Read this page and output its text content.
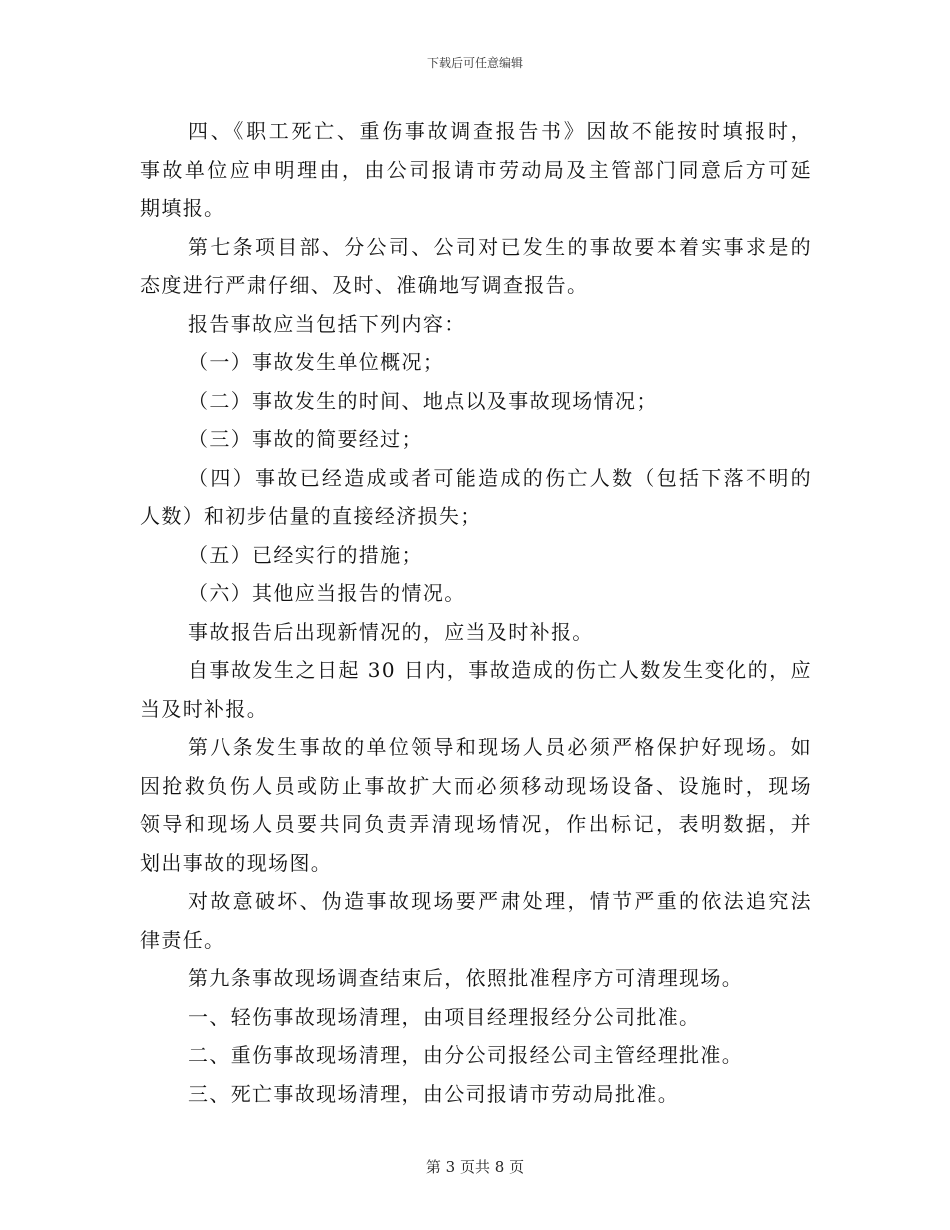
下载后可任意编辑
四、《职工死亡、重伤事故调查报告书》因故不能按时填报时，
事故单位应申明理由，由公司报请市劳动局及主管部门同意后方可延
期填报。
第七条项目部、分公司、公司对已发生的事故要本着实事求是的
态度进行严肃仔细、及时、准确地写调查报告。
报告事故应当包括下列内容：
（一）事故发生单位概况；
（二）事故发生的时间、地点以及事故现场情况；
（三）事故的简要经过；
（四）事故已经造成或者可能造成的伤亡人数（包括下落不明的
人数）和初步估量的直接经济损失；
（五）已经实行的措施；
（六）其他应当报告的情况。
事故报告后出现新情况的，应当及时补报。
自事故发生之日起 30 日内，事故造成的伤亡人数发生变化的，应
当及时补报。
第八条发生事故的单位领导和现场人员必须严格保护好现场。如
因抢救负伤人员或防止事故扩大而必须移动现场设备、设施时，现场
领导和现场人员要共同负责弄清现场情况，作出标记，表明数据，并
划出事故的现场图。
对故意破坏、伪造事故现场要严肃处理，情节严重的依法追究法
律责任。
第九条事故现场调查结束后，依照批准程序方可清理现场。
一、轻伤事故现场清理，由项目经理报经分公司批准。
二、重伤事故现场清理，由分公司报经公司主管经理批准。
三、死亡事故现场清理，由公司报请市劳动局批准。
第 3 页共 8 页
